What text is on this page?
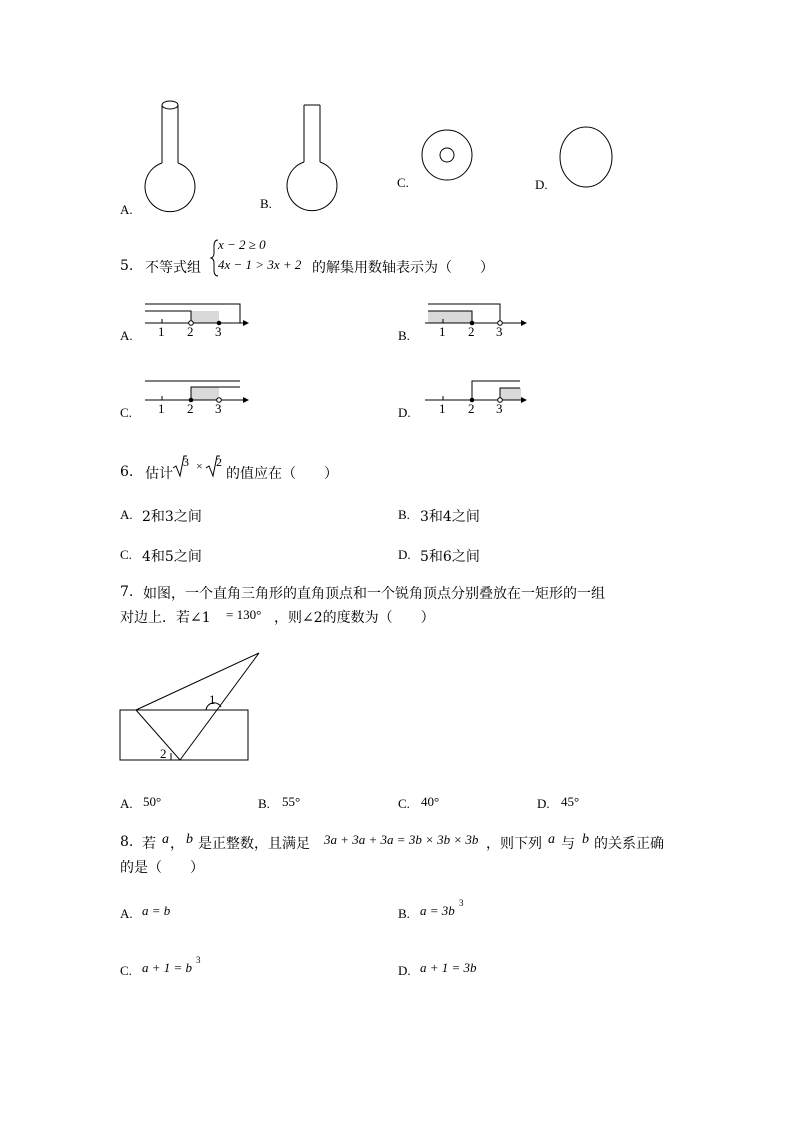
A.	B.
C.	D.
5. 不等式组
x − 2 ≥ 0
4x − 1 > 3x + 2 的解集用数轴表示为（　　）
A. 1 2 3	B. 1 2 3
C. 1 2 3	D. 1 2 3
6. 估计
3 × 2
的值应在（　　）
A. 2和3之间	B. 3和4之间
C. 4和5之间	D. 5和6之间
7. 如图，一个直角三角形的直角顶点和一个锐角顶点分别叠放在一矩形的一组
对边上．若∠1 = 130° ，则∠2的度数为（　　）
1
2
A. 50°	B. 55°	C. 40°	D. 45°
8. 若 a ， b 是正整数，且满足 3a + 3a + 3a = 3b × 3b × 3b ，则下列 a 与 b 的关系正确
的是（　　）
A. a = b	B. a = 3b 3
C. a + 1 = b 3
D. a + 1 = 3b
